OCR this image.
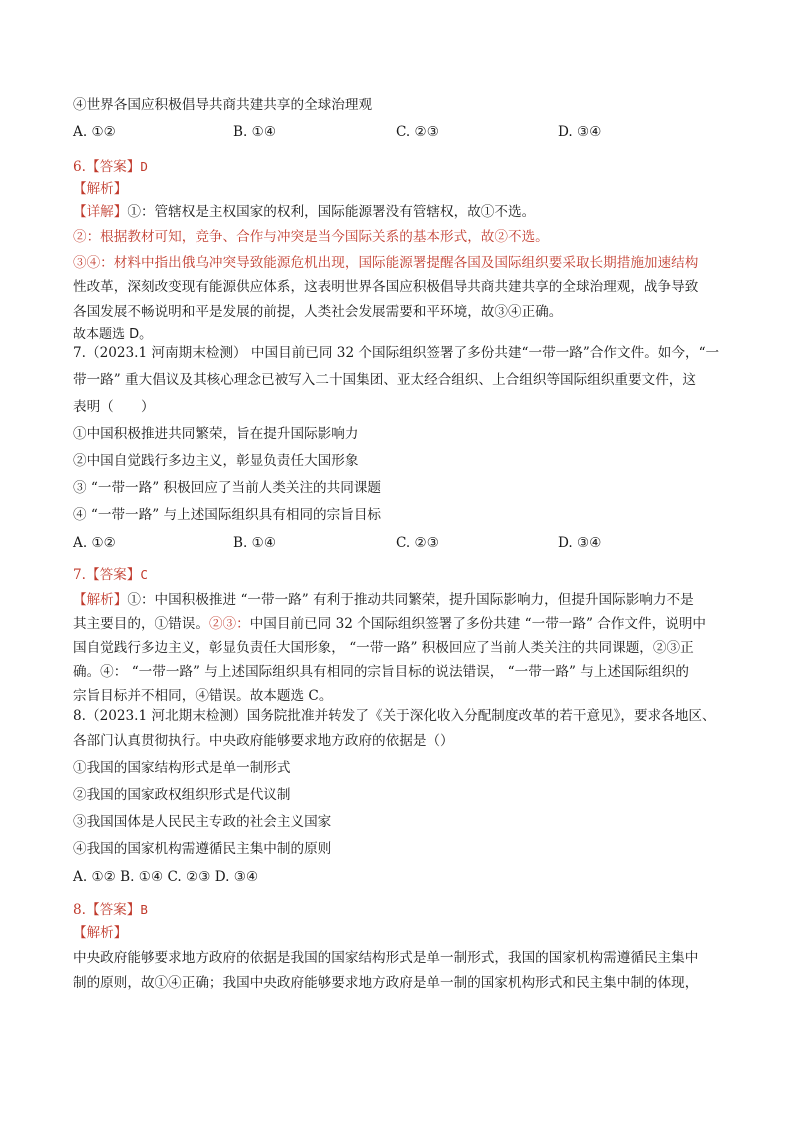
④世界各国应积极倡导共商共建共享的全球治理观
A. ①②	B. ①④	C. ②③	D. ③④
6.【答案】D
【解析】
【详解】①：管辖权是主权国家的权利，国际能源署没有管辖权，故①不选。
②：根据教材可知，竞争、合作与冲突是当今国际关系的基本形式，故②不选。
③④：材料中指出俄乌冲突导致能源危机出现，国际能源署提醒各国及国际组织要采取长期措施加速结构
性改革，深刻改变现有能源供应体系，这表明世界各国应积极倡导共商共建共享的全球治理观，战争导致
各国发展不畅说明和平是发展的前提，人类社会发展需要和平环境，故③④正确。
故本题选 D。
7.（2023.1 河南期末检测） 中国目前已同 32 个国际组织签署了多份共建“一带一路”合作文件。如今，“一
带一路” 重大倡议及其核心理念已被写入二十国集团、亚太经合组织、上合组织等国际组织重要文件，这
表明（　　）
①中国积极推进共同繁荣，旨在提升国际影响力
②中国自觉践行多边主义，彰显负责任大国形象
③ “一带一路” 积极回应了当前人类关注的共同课题
④ “一带一路” 与上述国际组织具有相同的宗旨目标
A. ①②	B. ①④	C. ②③	D. ③④
7.【答案】C
【解析】①：中国积极推进 “一带一路” 有利于推动共同繁荣，提升国际影响力，但提升国际影响力不是
其主要目的，①错误。②③：中国目前已同 32 个国际组织签署了多份共建 “一带一路” 合作文件，说明中
国自觉践行多边主义，彰显负责任大国形象， “一带一路” 积极回应了当前人类关注的共同课题，②③正
确。④： “一带一路” 与上述国际组织具有相同的宗旨目标的说法错误， “一带一路” 与上述国际组织的
宗旨目标并不相同，④错误。故本题选 C。
8.（2023.1 河北期末检测）国务院批准并转发了《关于深化收入分配制度改革的若干意见》，要求各地区、
各部门认真贯彻执行。中央政府能够要求地方政府的依据是（）
①我国的国家结构形式是单一制形式
②我国的国家政权组织形式是代议制
③我国国体是人民民主专政的社会主义国家
④我国的国家机构需遵循民主集中制的原则
A. ①② B. ①④ C. ②③ D. ③④
8.【答案】B
【解析】
中央政府能够要求地方政府的依据是我国的国家结构形式是单一制形式，我国的国家机构需遵循民主集中
制的原则，故①④正确；我国中央政府能够要求地方政府是单一制的国家机构形式和民主集中制的体现，
